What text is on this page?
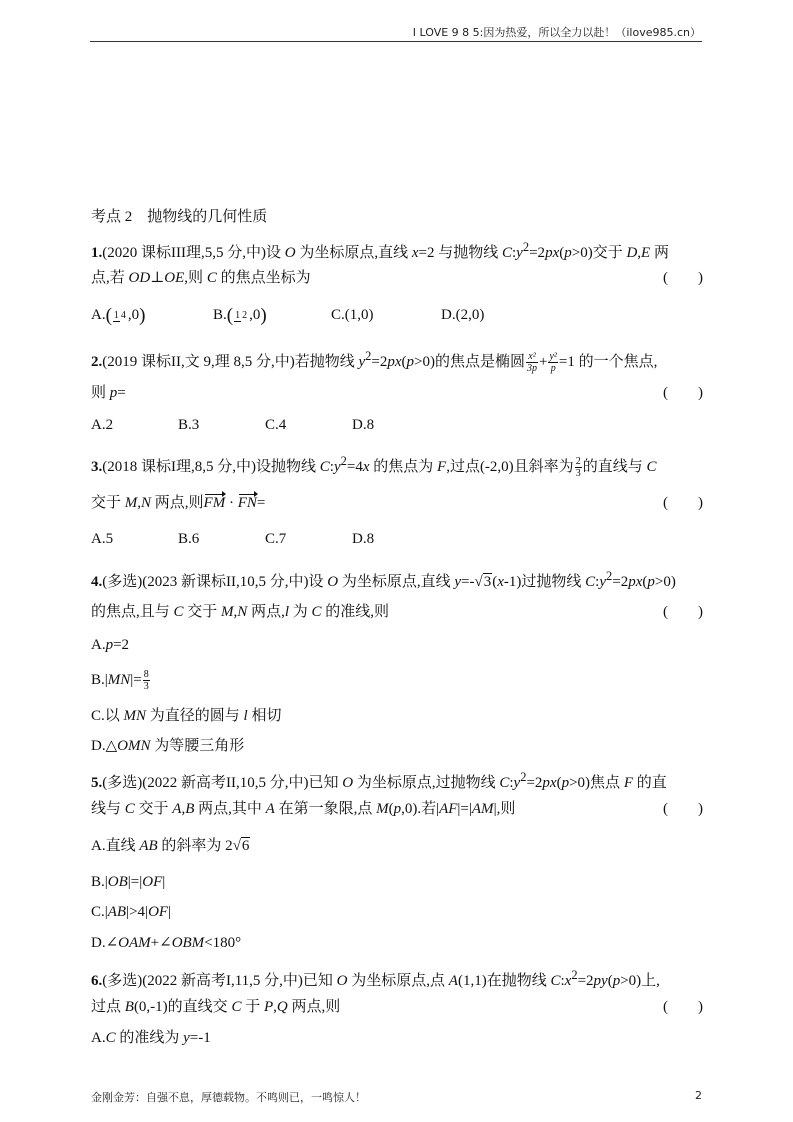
I LOVE 9 8 5:因为热爱，所以全力以赴！（ilove985.cn）
考点 2　抛物线的几何性质
1.(2020 课标III理,5,5 分,中)设 O 为坐标原点,直线 x=2 与抛物线 $C:y^2=2px(p>0)$交于 D,E 两
点,若 OD⊥OE,则 C 的焦点坐标为	(　　)
A.( 1 4 ,0)	B.( 1 2 ,0)	C.(1,0)	D.(2,0)
2.(2019 课标II,文 9,理 8,5 分,中)若抛物线 $y^2=2px(p>0)$的焦点是椭圆 $\frac{\text{x²}}{3p} + \frac{\text{y²}}{p} =1$ 的一个焦点,
则 p=	(　　)
A.2	B.3	C.4	D.8
3.(2018 课标I理,8,5 分,中)设抛物线 $C:y^2=4x$ 的焦点为 F,过点(-2,0)且斜率为 $\frac{2}{3}$ 的直线与 C
交于 M,N 两点,则FM · FN=	(　　)
A.5	B.6	C.7	D.8
4.(多选)(2023 新课标II,10,5 分,中)设 O 为坐标原点,直线 y=-√3(x-1)过抛物线 $C:y^2=2px(p>0)$
的焦点,且与 C 交于 M,N 两点,l 为 C 的准线,则	(　　)
A.p=2
$B.|MN|= \frac{8}{3}$
C.以 MN 为直径的圆与 l 相切
D.△OMN 为等腰三角形
5.(多选)(2022 新高考II,10,5 分,中)已知 O 为坐标原点,过抛物线 $C:y^2=2px(p>0)$焦点 F 的直
线与 C 交于 A,B 两点,其中 A 在第一象限,点 M(p,0).若|AF|=|AM|,则	(　　)
A.直线 AB 的斜率为 2√6
B.|OB|=|OF|
C.|AB|>4|OF|
D.∠OAM+∠OBM<180°
6.(多选)(2022 新高考I,11,5 分,中)已知 O 为坐标原点,点 A(1,1)在抛物线 $C:x^2=2py(p>0)$上,
过点 B(0,-1)的直线交 C 于 P,Q 两点,则	(　　)
A.C 的准线为 y=-1
金刚金芳：自强不息，厚德载物。不鸣则已，一鸣惊人！	2
